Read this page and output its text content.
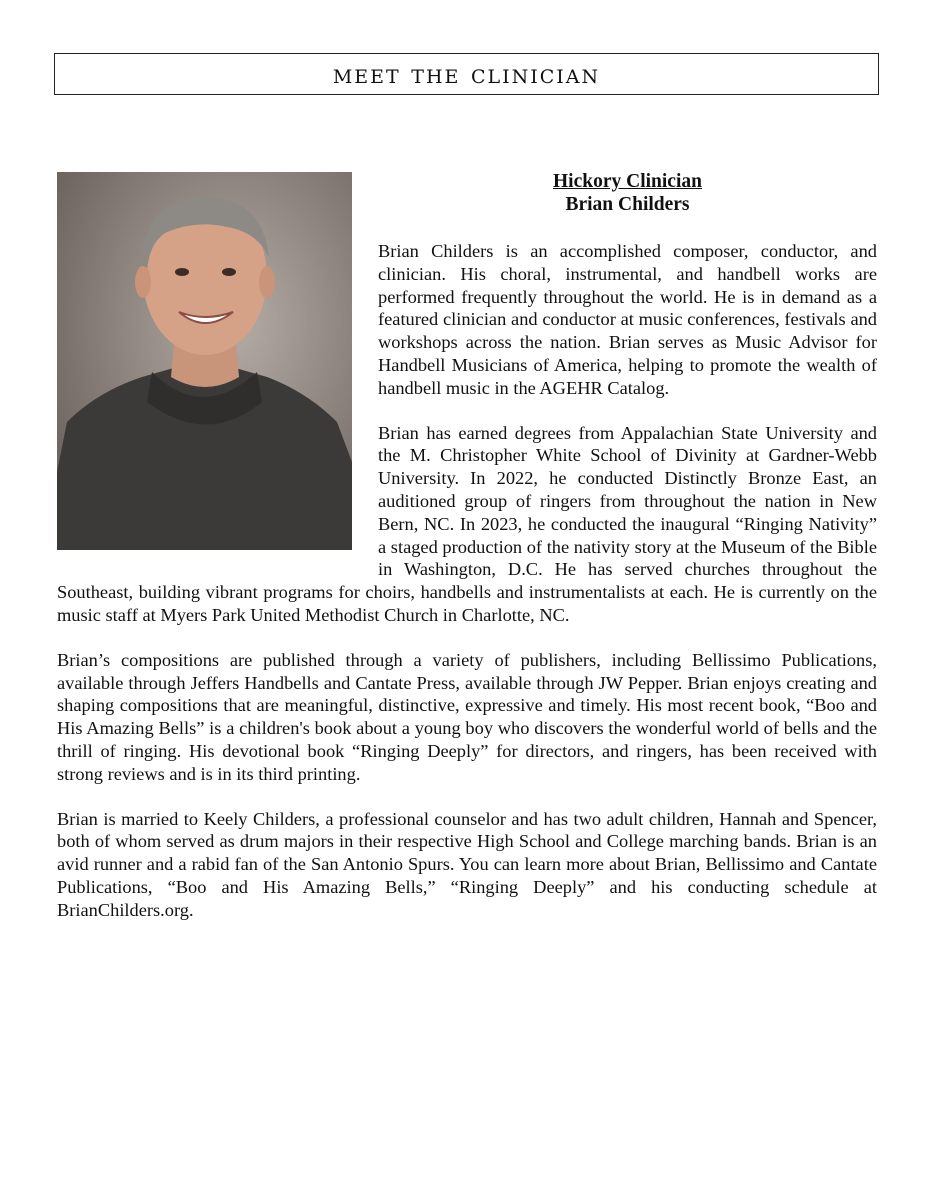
meet the clinician
Hickory Clinician
Brian Childers

Brian Childers is an accomplished composer, conductor, and clinician. His choral, instrumental, and handbell works are performed frequently throughout the world. He is in demand as a featured clinician and conductor at music conferences, festivals and workshops across the nation. Brian serves as Music Advisor for Handbell Musicians of America, helping to promote the wealth of handbell music in the AGEHR Catalog.

Brian has earned degrees from Appalachian State University and the M. Christopher White School of Divinity at Gardner-Webb University. In 2022, he conducted Distinctly Bronze East, an auditioned group of ringers from throughout the nation in New Bern, NC. In 2023, he conducted the inaugural “Ringing Nativity” a staged production of the nativity story at the Museum of the Bible in Washington, D.C. He has served churches throughout the Southeast, building vibrant programs for choirs, handbells and instrumentalists at each. He is currently on the music staff at Myers Park United Methodist Church in Charlotte, NC.

Brian’s compositions are published through a variety of publishers, including Bellissimo Publications, available through Jeffers Handbells and Cantate Press, available through JW Pepper. Brian enjoys creating and shaping compositions that are meaningful, distinctive, expressive and timely. His most recent book, “Boo and His Amazing Bells” is a children's book about a young boy who discovers the wonderful world of bells and the thrill of ringing. His devotional book “Ringing Deeply” for directors, and ringers, has been received with strong reviews and is in its third printing.

Brian is married to Keely Childers, a professional counselor and has two adult children, Hannah and Spencer, both of whom served as drum majors in their respective High School and College marching bands. Brian is an avid runner and a rabid fan of the San Antonio Spurs. You can learn more about Brian, Bellissimo and Cantate Publications, “Boo and His Amazing Bells,” “Ringing Deeply” and his conducting schedule at BrianChilders.org.
